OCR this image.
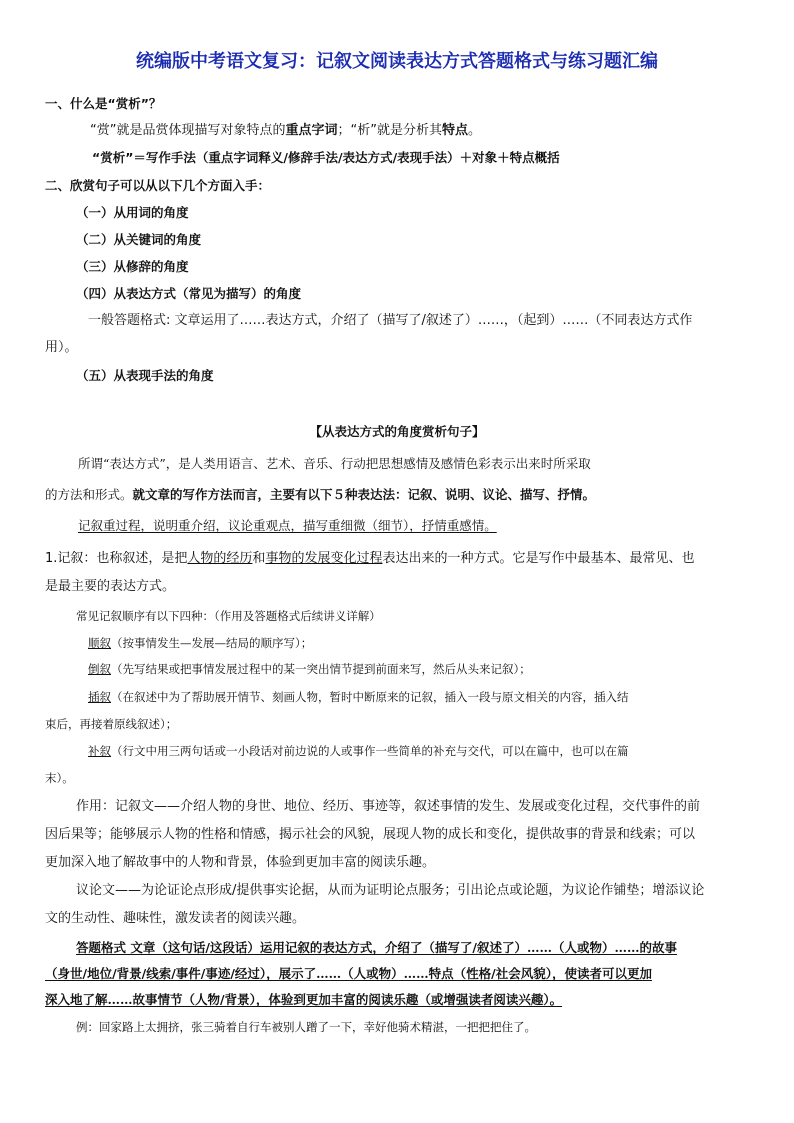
统编版中考语文复习：记叙文阅读表达方式答题格式与练习题汇编
一、什么是“赏析”？
“赏”就是品赏体现描写对象特点的重点字词；“析”就是分析其特点。
“赏析”＝写作手法（重点字词释义/修辞手法/表达方式/表现手法）＋对象＋特点概括
二、欣赏句子可以从以下几个方面入手：
（一）从用词的角度
（二）从关键词的角度
（三）从修辞的角度
（四）从表达方式（常见为描写）的角度
一般答题格式: 文章运用了……表达方式，介绍了（描写了/叙述了）……，（起到）……（不同表达方式作
用）。
（五）从表现手法的角度
【从表达方式的角度赏析句子】
所谓“表达方式”，是人类用语言、艺术、音乐、行动把思想感情及感情色彩表示出来时所采取
的方法和形式。就文章的写作方法而言，主要有以下５种表达法：记叙、说明、议论、描写、抒情。
记叙重过程，说明重介绍，议论重观点，描写重细微（细节），抒情重感情。
1.记叙：也称叙述，是把人物的经历和事物的发展变化过程表达出来的一种方式。它是写作中最基本、最常见、也
是最主要的表达方式。
常见记叙顺序有以下四种：（作用及答题格式后续讲义详解）
顺叙（按事情发生—发展—结局的顺序写）；
倒叙（先写结果或把事情发展过程中的某一突出情节提到前面来写，然后从头来记叙）；
插叙（在叙述中为了帮助展开情节、刻画人物，暂时中断原来的记叙，插入一段与原文相关的内容，插入结
束后，再接着原线叙述）；
补叙（行文中用三两句话或一小段话对前边说的人或事作一些简单的补充与交代，可以在篇中，也可以在篇
末）。
作用：记叙文——介绍人物的身世、地位、经历、事迹等，叙述事情的发生、发展或变化过程，交代事件的前
因后果等；能够展示人物的性格和情感，揭示社会的风貌，展现人物的成长和变化，提供故事的背景和线索；可以
更加深入地了解故事中的人物和背景，体验到更加丰富的阅读乐趣。
议论文——为论证论点形成/提供事实论据，从而为证明论点服务；引出论点或论题，为议论作铺垫；增添议论
文的生动性、趣味性，激发读者的阅读兴趣。
答题格式 文章（这句话/这段话）运用记叙的表达方式，介绍了（描写了/叙述了）……（人或物）……的故事
（身世/地位/背景/线索/事件/事迹/经过），展示了……（人或物）……特点（性格/社会风貌），使读者可以更加
深入地了解……故事情节（人物/背景），体验到更加丰富的阅读乐趣（或增强读者阅读兴趣）。
例：回家路上太拥挤，张三骑着自行车被别人蹭了一下，幸好他骑术精湛，一把把把住了。
